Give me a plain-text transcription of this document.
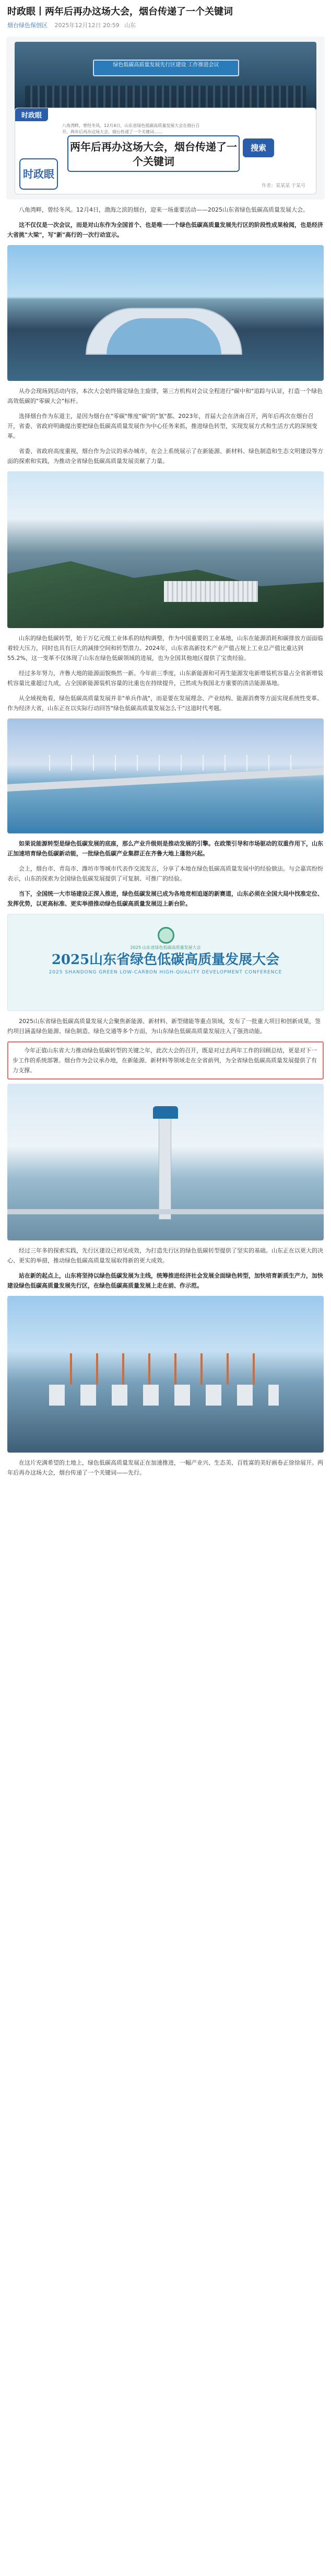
时政眼丨两年后再办这场大会，烟台传递了一个关键词
烟台绿色保创区 2025年12月12日 20:59 山东
绿色低碳高质量发展先行区建设 工作推进会议
时政眼
八角湾畔，曾经冬风。12月4日，山东省绿色低碳高质量发展大会在烟台召开。两年后再办这场大会，烟台传递了一个关键词……
两年后再办这场大会，烟台传递了一个关键词
搜索
时政眼
作者：某某某 于某号

八角湾畔，曾经冬风。12月4日，渤海之滨的烟台，迎来一场重要活动——2025山东省绿色低碳高质量发展大会。

这不仅仅是一次会议，而是对山东作为全国首个、也是唯一一个绿色低碳高质量发展先行区的阶段性成果检阅，也是经济大省挑"大梁"，写"新"高行的一次行动宣示。

从办会现场到活动内容，本次大会始终锚定绿色主旋律，第三方机构对会议全程进行"碳中和"追踪与认证，打造一个绿色高效低碳的"零碳大会"标杆。

选择烟台作为东道主，是因为烟台在"零碳"维度"碳"的"氢"都。2023年，首届大会在济南召开，两年后再次在烟台召开，省委、省政府明确提出要把绿色低碳高质量发展作为中心任务来抓，推进绿色转型，实现发展方式和生活方式的深刻变革。

省委、省政府高度重视，烟台作为会议的承办城市，在会上系统展示了在新能源、新材料、绿色制造和生态文明建设等方面的探索和实践，为推动全省绿色低碳高质量发展贡献了力量。

山东的绿色低碳转型，始于万亿元级工业体系的结构调整，作为中国重要的工业基地，山东在能源消耗和碳排放方面面临着较大压力，同时也具有巨大的减排空间和转型潜力。2024年，山东省高新技术产业产值占规上工业总产值比重达到55.2%，这一变革不仅体现了山东在绿色低碳领域的进展，也为全国其他地区提供了宝贵经验。

经过多年努力，齐鲁大地的能源面貌焕然一新。今年前三季度，山东新能源和可再生能源发电新增装机容量占全省新增装机容量比重超过九成，占全国新能源装机容量的比重也在持续提升，已然成为我国北方重要的清洁能源基地。

从全域视角看，绿色低碳高质量发展并非"单兵作战"，而是要在发展理念、产业结构、能源消费等方面实现系统性变革。作为经济大省，山东正在以实际行动回答"绿色低碳高质量发展怎么干"这道时代考题。

如果说能源转型是绿色低碳发展的底座，那么产业升级则是推动发展的引擎。在政策引导和市场驱动的双重作用下，山东正加速培育绿色低碳新动能，一批绿色低碳产业集群正在齐鲁大地上蓬勃兴起。

会上，烟台市、青岛市、潍坊市等城市代表作交流发言，分享了本地在绿色低碳高质量发展中的经验做法。与会嘉宾纷纷表示，山东的探索为全国绿色低碳发展提供了可复制、可推广的经验。

当下，全国统一大市场建设正深入推进，绿色低碳发展已成为各地竞相追逐的新赛道，山东必须在全国大局中找准定位、发挥优势，以更高标准、更实举措推动绿色低碳高质量发展迈上新台阶。

2025 山东省绿色低碳高质量发展大会
2025山东省绿色低碳高质量发展大会
2025 SHANDONG GREEN LOW-CARBON HIGH-QUALITY DEVELOPMENT CONFERENCE

2025山东省绿色低碳高质量发展大会聚焦新能源、新材料、新型储能等重点领域，发布了一批重大项目和创新成果，签约项目涵盖绿色能源、绿色制造、绿色交通等多个方面，为山东绿色低碳高质量发展注入了强劲动能。

今年正值山东省大力推动绿色低碳转型的关键之年，此次大会的召开，既是对过去两年工作的回顾总结，更是对下一步工作的系统部署。烟台作为会议承办地，在新能源、新材料等领域走在全省前列，为全省绿色低碳高质量发展提供了有力支撑。

经过三年多的探索实践，先行区建设已初见成效，为打造先行区的绿色低碳转型提供了坚实的基础。山东正在以更大的决心、更实的举措，推动绿色低碳高质量发展取得新的更大成效。

站在新的起点上，山东将坚持以绿色低碳发展为主线，统筹推进经济社会发展全面绿色转型，加快培育新质生产力，加快建设绿色低碳高质量发展先行区，在绿色低碳高质量发展上走在前、作示范。

在这片充满希望的土地上，绿色低碳高质量发展正在加速推进，一幅产业兴、生态美、百姓富的美好画卷正徐徐展开。两年后再办这场大会，烟台传递了一个关键词——先行。
